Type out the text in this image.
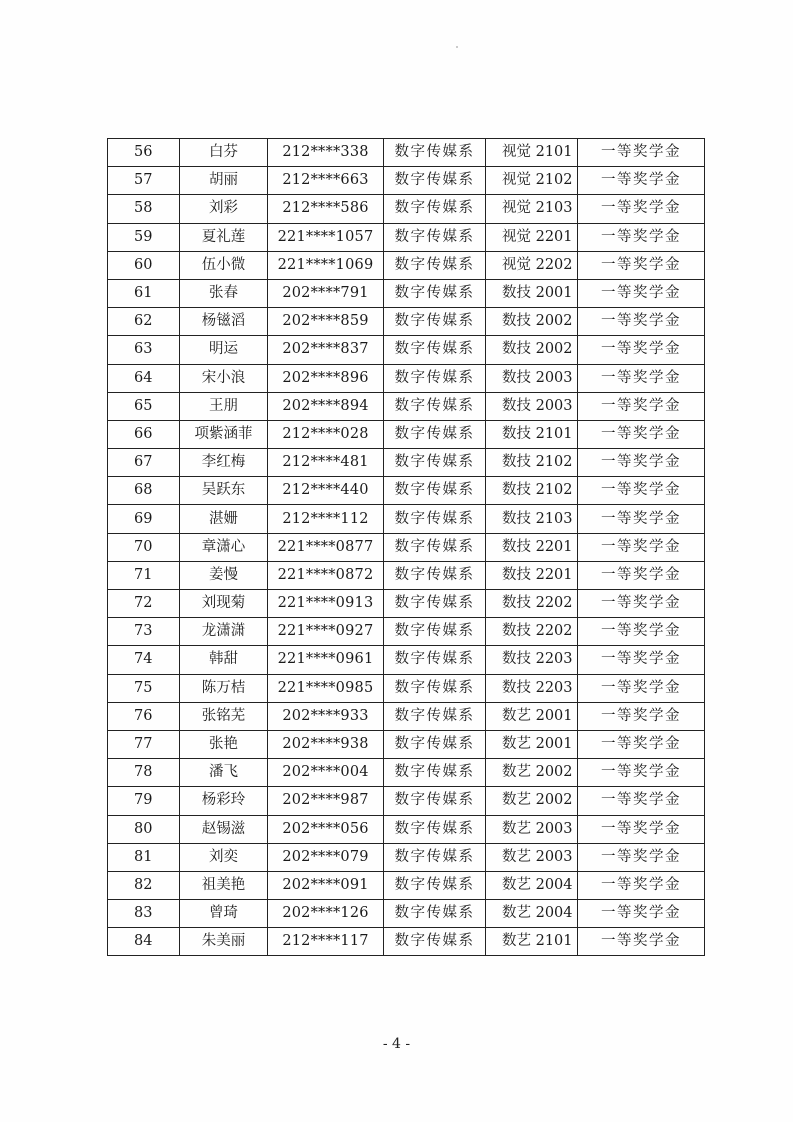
56	白芬	212****338	数字传媒系	视觉 2101	一等奖学金
57	胡丽	212****663	数字传媒系	视觉 2102	一等奖学金
58	刘彩	212****586	数字传媒系	视觉 2103	一等奖学金
59	夏礼莲	221****1057	数字传媒系	视觉 2201	一等奖学金
60	伍小微	221****1069	数字传媒系	视觉 2202	一等奖学金
61	张春	202****791	数字传媒系	数技 2001	一等奖学金
62	杨镃滔	202****859	数字传媒系	数技 2002	一等奖学金
63	明运	202****837	数字传媒系	数技 2002	一等奖学金
64	宋小浪	202****896	数字传媒系	数技 2003	一等奖学金
65	王朋	202****894	数字传媒系	数技 2003	一等奖学金
66	项紫涵菲	212****028	数字传媒系	数技 2101	一等奖学金
67	李红梅	212****481	数字传媒系	数技 2102	一等奖学金
68	吴跃东	212****440	数字传媒系	数技 2102	一等奖学金
69	湛姗	212****112	数字传媒系	数技 2103	一等奖学金
70	章潇心	221****0877	数字传媒系	数技 2201	一等奖学金
71	姜慢	221****0872	数字传媒系	数技 2201	一等奖学金
72	刘现菊	221****0913	数字传媒系	数技 2202	一等奖学金
73	龙潇潇	221****0927	数字传媒系	数技 2202	一等奖学金
74	韩甜	221****0961	数字传媒系	数技 2203	一等奖学金
75	陈万桔	221****0985	数字传媒系	数技 2203	一等奖学金
76	张铭芜	202****933	数字传媒系	数艺 2001	一等奖学金
77	张艳	202****938	数字传媒系	数艺 2001	一等奖学金
78	潘飞	202****004	数字传媒系	数艺 2002	一等奖学金
79	杨彩玲	202****987	数字传媒系	数艺 2002	一等奖学金
80	赵锡滋	202****056	数字传媒系	数艺 2003	一等奖学金
81	刘奕	202****079	数字传媒系	数艺 2003	一等奖学金
82	祖美艳	202****091	数字传媒系	数艺 2004	一等奖学金
83	曾琦	202****126	数字传媒系	数艺 2004	一等奖学金
84	朱美丽	212****117	数字传媒系	数艺 2101	一等奖学金
- 4 -
